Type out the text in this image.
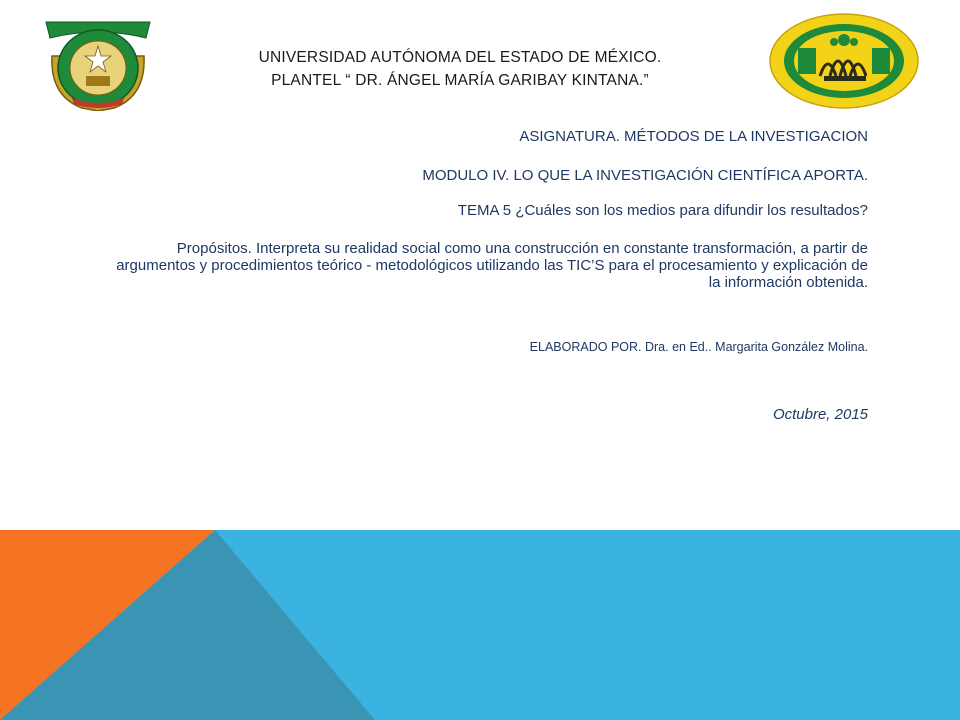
UNIVERSIDAD AUTÓNOMA DEL ESTADO DE MÉXICO.
PLANTEL “ DR. ÁNGEL MARÍA GARIBAY KINTANA.”
ASIGNATURA. MÉTODOS DE LA INVESTIGACION
MODULO IV. LO QUE LA INVESTIGACIÓN CIENTÍFICA APORTA.
TEMA 5 ¿Cuáles son los medios para difundir los resultados?
Propósitos. Interpreta su realidad social como una construcción en constante transformación, a partir de argumentos y procedimientos teórico - metodológicos utilizando las TIC’S para el procesamiento y explicación de la información obtenida.
ELABORADO POR. Dra. en Ed.. Margarita González Molina.
Octubre, 2015
